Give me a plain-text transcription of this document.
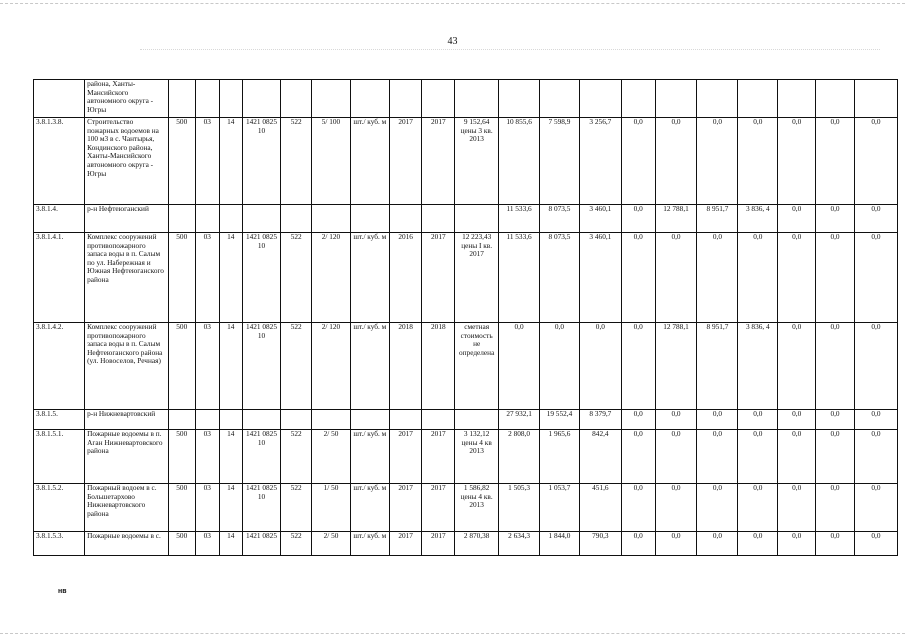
43
	района, Ханты-Мансийского автономного округа - Югры																				
3.8.1.3.8.	Строительство пожарных водоемов на 100 м3 в с. Чантырья, Кондинского района, Ханты-Мансийского автономного округа - Югры	500	03	14	1421 0825 10	522	5/ 100	шт./ куб. м	2017	2017	9 152,64 цены 3 кв. 2013	10 855,6	7 598,9	3 256,7	0,0	0,0	0,0	0,0	0,0	0,0	0,0
3.8.1.4.	р-н Нефтеюганский											11 533,6	8 073,5	3 460,1	0,0	12 788,1	8 951,7	3 836, 4	0,0	0,0	0,0
3.8.1.4.1.	Комплекс сооружений противопожарного запаса воды в п. Салым по ул. Набережная и Южная Нефтеюганского района	500	03	14	1421 0825 10	522	2/ 120	шт./ куб. м	2016	2017	12 223,43 цены I кв. 2017	11 533,6	8 073,5	3 460,1	0,0	0,0	0,0	0,0	0,0	0,0	0,0
3.8.1.4.2.	Комплекс сооружений противопожарного запаса воды в п. Салым Нефтеюганского района (ул. Новоселов, Речная)	500	03	14	1421 0825 10	522	2/ 120	шт./ куб. м	2018	2018	сметная стоимость не определена	0,0	0,0	0,0	0,0	12 788,1	8 951,7	3 836, 4	0,0	0,0	0,0
3.8.1.5.	р-н Нижневартовский											27 932,1	19 552,4	8 379,7	0,0	0,0	0,0	0,0	0,0	0,0	0,0
3.8.1.5.1.	Пожарные водоемы в п. Аган Нижневартовского района	500	03	14	1421 0825 10	522	2/ 50	шт./ куб. м	2017	2017	3 132,12 цены 4 кв 2013	2 808,0	1 965,6	842,4	0,0	0,0	0,0	0,0	0,0	0,0	0,0
3.8.1.5.2.	Пожарный водоем в с. Большетархово Нижневартовского района	500	03	14	1421 0825 10	522	1/ 50	шт./ куб. м	2017	2017	1 586,82 цены 4 кв. 2013	1 505,3	1 053,7	451,6	0,0	0,0	0,0	0,0	0,0	0,0	0,0
3.8.1.5.3.	Пожарные водоемы в с.	500	03	14	1421 0825	522	2/ 50	шт./ куб. м	2017	2017	2 870,38	2 634,3	1 844,0	790,3	0,0	0,0	0,0	0,0	0,0	0,0	0,0
нв
